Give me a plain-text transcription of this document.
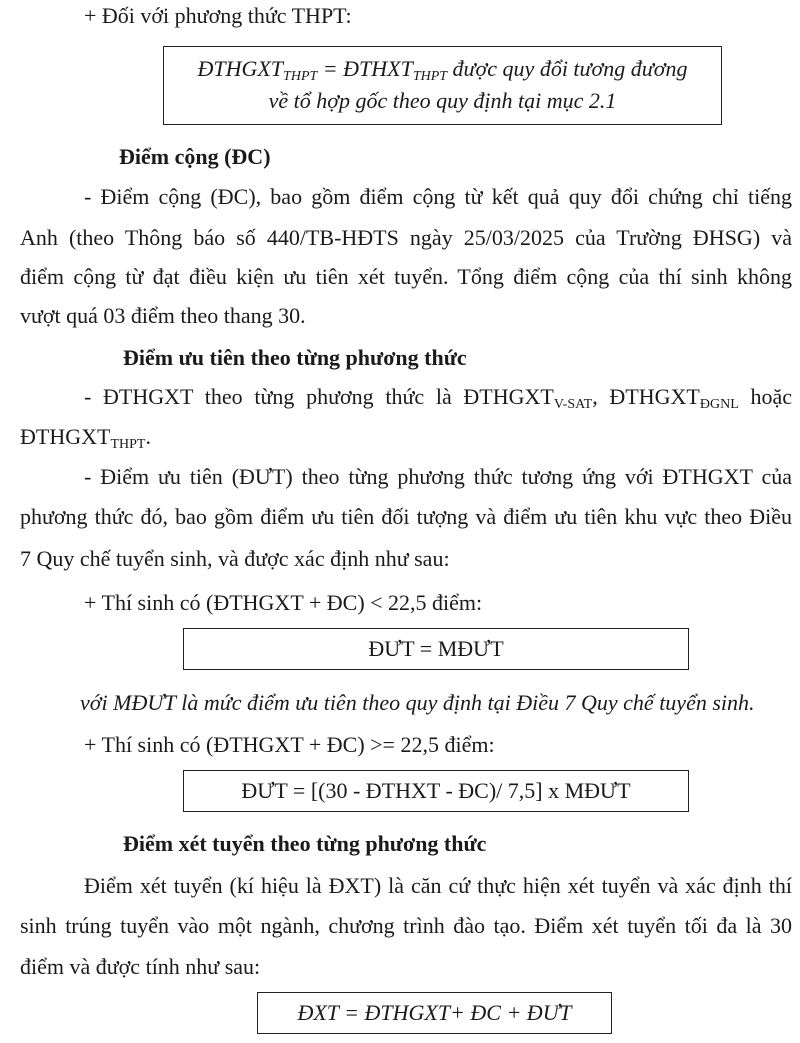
+ Đối với phương thức THPT:
$ĐTHGXT_{THPT}$ = $ĐTHXT_{THPT}$ được quy đổi tương đương
về tổ hợp gốc theo quy định tại mục 2.1
Điểm cộng (ĐC)
- Điểm cộng (ĐC), bao gồm điểm cộng từ kết quả quy đổi chứng chỉ tiếng
Anh (theo Thông báo số 440/TB-HĐTS ngày 25/03/2025 của Trường ĐHSG) và
điểm cộng từ đạt điều kiện ưu tiên xét tuyển. Tổng điểm cộng của thí sinh không
vượt quá 03 điểm theo thang 30.
Điểm ưu tiên theo từng phương thức
- ĐTHGXT theo từng phương thức là $ĐTHGXT_{V-SAT}$, $ĐTHGXT_{ĐGNL}$ hoặc
$ĐTHGXT_{THPT}$.
- Điểm ưu tiên (ĐƯT) theo từng phương thức tương ứng với ĐTHGXT của
phương thức đó, bao gồm điểm ưu tiên đối tượng và điểm ưu tiên khu vực theo Điều
7 Quy chế tuyển sinh, và được xác định như sau:
+ Thí sinh có (ĐTHGXT + ĐC) < 22,5 điểm:
ĐƯT = MĐƯT
với MĐƯT là mức điểm ưu tiên theo quy định tại Điều 7 Quy chế tuyển sinh.
+ Thí sinh có (ĐTHGXT + ĐC) >= 22,5 điểm:
ĐƯT = [(30 - ĐTHXT - ĐC)/ 7,5] x MĐƯT
Điểm xét tuyển theo từng phương thức
Điểm xét tuyển (kí hiệu là ĐXT) là căn cứ thực hiện xét tuyển và xác định thí
sinh trúng tuyển vào một ngành, chương trình đào tạo. Điểm xét tuyển tối đa là 30
điểm và được tính như sau:
ĐXT = ĐTHGXT+ ĐC + ĐƯT
